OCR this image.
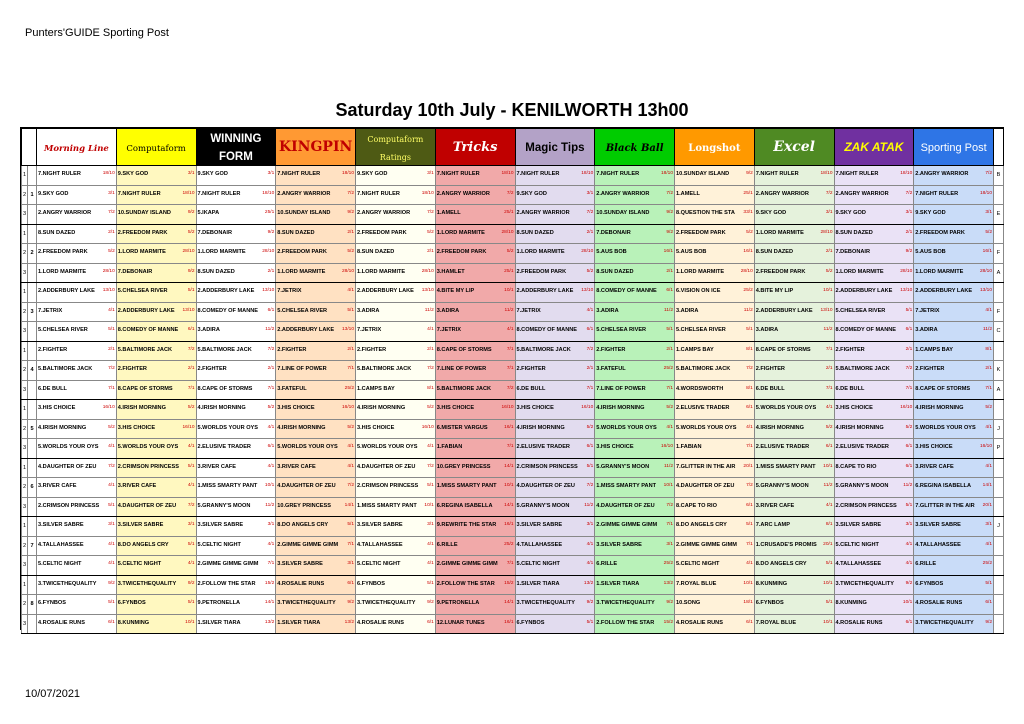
Punters'GUIDE Sporting Post
Saturday 10th July - KENILWORTH 13h00
		Morning Line	Computaform	WINNING FORM	KINGPIN	Computaform Ratings	Tricks	Magic Tips	Black Ball	Longshot	Excel	ZAK ATAK	Sporting Post	
1		7.NIGHT RULER 18/10	9.SKY GOD 3/1	9.SKY GOD 3/1	7.NIGHT RULER 18/10	9.SKY GOD 3/1	7.NIGHT RULER 18/10	7.NIGHT RULER 18/10	7.NIGHT RULER 18/10	10.SUNDAY ISLAND 9/2	7.NIGHT RULER 18/10	7.NIGHT RULER 18/10	2.ANGRY WARRIOR 7/2	B
2	1	9.SKY GOD 3/1	7.NIGHT RULER 18/10	7.NIGHT RULER 18/10	2.ANGRY WARRIOR 7/2	7.NIGHT RULER 18/10	2.ANGRY WARRIOR 7/2	9.SKY GOD 3/1	2.ANGRY WARRIOR 7/2	1.AMELL 25/1	2.ANGRY WARRIOR 7/2	2.ANGRY WARRIOR 7/2	7.NIGHT RULER 18/10	

3		2.ANGRY WARRIOR 7/2	10.SUNDAY ISLAND 9/2	5.IKAPA 25/1	10.SUNDAY ISLAND 9/2	2.ANGRY WARRIOR 7/2	1.AMELL 25/1	2.ANGRY WARRIOR 7/2	10.SUNDAY ISLAND 9/2	8.QUESTION THE STA 33/1	9.SKY GOD 3/1	9.SKY GOD 3/1	9.SKY GOD 3/1	E
1		8.SUN DAZED 2/1	2.FREEDOM PARK 5/2	7.DEBONAIR 9/2	8.SUN DAZED 2/1	2.FREEDOM PARK 5/2	1.LORD MARMITE 28/10	8.SUN DAZED 2/1	7.DEBONAIR 9/2	2.FREEDOM PARK 5/2	1.LORD MARMITE 28/10	8.SUN DAZED 2/1	2.FREEDOM PARK 5/2	

2	2	2.FREEDOM PARK 5/2	1.LORD MARMITE 28/10	1.LORD MARMITE 28/10	2.FREEDOM PARK 5/2	8.SUN DAZED 2/1	2.FREEDOM PARK 5/2	1.LORD MARMITE 28/10	5.AUS BOB 16/1	5.AUS BOB 16/1	8.SUN DAZED 2/1	7.DEBONAIR 9/2	5.AUS BOB 16/1	F
3		1.LORD MARMITE 28/10	7.DEBONAIR 9/2	8.SUN DAZED 2/1	1.LORD MARMITE 28/10	1.LORD MARMITE 28/10	3.HAMLET 25/1	2.FREEDOM PARK 5/2	8.SUN DAZED 2/1	1.LORD MARMITE 28/10	2.FREEDOM PARK 5/2	1.LORD MARMITE 28/10	1.LORD MARMITE 28/10	A
1		2.ADDERBURY LAKE 13/10	5.CHELSEA RIVER 5/1	2.ADDERBURY LAKE 13/10	7.JETRIX 4/1	2.ADDERBURY LAKE 13/10	4.BITE MY LIP 10/1	2.ADDERBURY LAKE 13/10	8.COMEDY OF MANNE 6/1	6.VISION ON ICE 25/2	4.BITE MY LIP 10/1	2.ADDERBURY LAKE 13/10	2.ADDERBURY LAKE 13/10	

2	3	7.JETRIX 4/1	2.ADDERBURY LAKE 13/10	8.COMEDY OF MANNE 6/1	5.CHELSEA RIVER 5/1	3.ADIRA 11/2	3.ADIRA 11/2	7.JETRIX 4/1	3.ADIRA 11/2	3.ADIRA 11/2	2.ADDERBURY LAKE 13/10	5.CHELSEA RIVER 5/1	7.JETRIX 4/1	F
3		5.CHELSEA RIVER 5/1	8.COMEDY OF MANNE 6/1	3.ADIRA 11/2	2.ADDERBURY LAKE 13/10	7.JETRIX 4/1	7.JETRIX 4/1	8.COMEDY OF MANNE 6/1	5.CHELSEA RIVER 5/1	5.CHELSEA RIVER 5/1	3.ADIRA 11/2	8.COMEDY OF MANNE 6/1	3.ADIRA 11/2	C
1		2.FIGHTER 2/1	5.BALTIMORE JACK 7/2	5.BALTIMORE JACK 7/2	2.FIGHTER 2/1	2.FIGHTER 2/1	8.CAPE OF STORMS 7/1	5.BALTIMORE JACK 7/2	2.FIGHTER 2/1	1.CAMPS BAY 8/1	8.CAPE OF STORMS 7/1	2.FIGHTER 2/1	1.CAMPS BAY 8/1	

2	4	5.BALTIMORE JACK 7/2	2.FIGHTER 2/1	2.FIGHTER 2/1	7.LINE OF POWER 7/1	5.BALTIMORE JACK 7/2	7.LINE OF POWER 7/1	2.FIGHTER 2/1	3.FATEFUL 25/2	5.BALTIMORE JACK 7/2	2.FIGHTER 2/1	5.BALTIMORE JACK 7/2	2.FIGHTER 2/1	K
3		6.DE BULL 7/1	8.CAPE OF STORMS 7/1	8.CAPE OF STORMS 7/1	3.FATEFUL 25/2	1.CAMPS BAY 8/1	5.BALTIMORE JACK 7/2	6.DE BULL 7/1	7.LINE OF POWER 7/1	4.WORDSWORTH 8/1	6.DE BULL 7/1	6.DE BULL 7/1	8.CAPE OF STORMS 7/1	A
1		3.HIS CHOICE 16/10	4.IRISH MORNING 5/2	4.IRISH MORNING 5/2	3.HIS CHOICE 16/10	4.IRISH MORNING 5/2	3.HIS CHOICE 16/10	3.HIS CHOICE 16/10	4.IRISH MORNING 5/2	2.ELUSIVE TRADER 6/1	5.WORLDS YOUR OYS 4/1	3.HIS CHOICE 16/10	4.IRISH MORNING 5/2	

2	5	4.IRISH MORNING 5/2	3.HIS CHOICE 16/10	5.WORLDS YOUR OYS 4/1	4.IRISH MORNING 5/2	3.HIS CHOICE 16/10	6.MISTER VARGUS 16/1	4.IRISH MORNING 5/2	5.WORLDS YOUR OYS 4/1	5.WORLDS YOUR OYS 4/1	4.IRISH MORNING 5/2	4.IRISH MORNING 5/2	5.WORLDS YOUR OYS 4/1	J
3		5.WORLDS YOUR OYS 4/1	5.WORLDS YOUR OYS 4/1	2.ELUSIVE TRADER 6/1	5.WORLDS YOUR OYS 4/1	5.WORLDS YOUR OYS 4/1	1.FABIAN 7/1	2.ELUSIVE TRADER 6/1	3.HIS CHOICE 16/10	1.FABIAN 7/1	2.ELUSIVE TRADER 6/1	2.ELUSIVE TRADER 6/1	3.HIS CHOICE 16/10	P
1		4.DAUGHTER OF ZEU 7/2	2.CRIMSON PRINCESS 5/1	3.RIVER CAFE 4/1	3.RIVER CAFE 4/1	4.DAUGHTER OF ZEU 7/2	10.GREY PRINCESS 14/1	2.CRIMSON PRINCESS 5/1	5.GRANNY'S MOON 11/2	7.GLITTER IN THE AIR 20/1	1.MISS SMARTY PANT 10/1	8.CAPE TO RIO 6/1	3.RIVER CAFE 4/1	

2	6	3.RIVER CAFE 4/1	3.RIVER CAFE 4/1	1.MISS SMARTY PANT 10/1	4.DAUGHTER OF ZEU 7/2	2.CRIMSON PRINCESS 5/1	1.MISS SMARTY PANT 10/1	4.DAUGHTER OF ZEU 7/2	1.MISS SMARTY PANT 10/1	4.DAUGHTER OF ZEU 7/2	5.GRANNY'S MOON 11/2	5.GRANNY'S MOON 11/2	6.REGINA ISABELLA 14/1	

3		2.CRIMSON PRINCESS 5/1	4.DAUGHTER OF ZEU 7/2	5.GRANNY'S MOON 11/2	10.GREY PRINCESS 14/1	1.MISS SMARTY PANT 10/1	6.REGINA ISABELLA 14/1	5.GRANNY'S MOON 11/2	4.DAUGHTER OF ZEU 7/2	8.CAPE TO RIO 6/1	3.RIVER CAFE 4/1	2.CRIMSON PRINCESS 5/1	7.GLITTER IN THE AIR 20/1	

1		3.SILVER SABRE 3/1	3.SILVER SABRE 3/1	3.SILVER SABRE 3/1	8.DO ANGELS CRY 5/1	3.SILVER SABRE 3/1	9.REWRITE THE STAR 16/1	3.SILVER SABRE 3/1	2.GIMME GIMME GIMM 7/1	8.DO ANGELS CRY 5/1	7.ARC LAMP 8/1	3.SILVER SABRE 3/1	3.SILVER SABRE 3/1	J
2	7	4.TALLAHASSEE 4/1	8.DO ANGELS CRY 5/1	5.CELTIC NIGHT 4/1	2.GIMME GIMME GIMM 7/1	4.TALLAHASSEE 4/1	6.RILLE 25/2	4.TALLAHASSEE 4/1	3.SILVER SABRE 3/1	2.GIMME GIMME GIMM 7/1	1.CRUSADE'S PROMIS 20/1	5.CELTIC NIGHT 4/1	4.TALLAHASSEE 4/1	

3		5.CELTIC NIGHT 4/1	5.CELTIC NIGHT 4/1	2.GIMME GIMME GIMM 7/1	3.SILVER SABRE 3/1	5.CELTIC NIGHT 4/1	2.GIMME GIMME GIMM 7/1	5.CELTIC NIGHT 4/1	6.RILLE 25/2	5.CELTIC NIGHT 4/1	8.DO ANGELS CRY 5/1	4.TALLAHASSEE 4/1	6.RILLE 25/2	

1		3.TWICETHEQUALITY 9/2	3.TWICETHEQUALITY 9/2	2.FOLLOW THE STAR 15/2	4.ROSALIE RUNS 6/1	6.FYNBOS 5/1	2.FOLLOW THE STAR 15/2	1.SILVER TIARA 13/2	1.SILVER TIARA 13/2	7.ROYAL BLUE 10/1	8.KUNMING 10/1	3.TWICETHEQUALITY 9/2	6.FYNBOS 5/1	

2	8	6.FYNBOS 5/1	6.FYNBOS 5/1	9.PETRONELLA 14/1	3.TWICETHEQUALITY 9/2	3.TWICETHEQUALITY 9/2	9.PETRONELLA 14/1	3.TWICETHEQUALITY 9/2	3.TWICETHEQUALITY 9/2	10.SONG 18/1	6.FYNBOS 5/1	8.KUNMING 10/1	4.ROSALIE RUNS 6/1	

3		4.ROSALIE RUNS 6/1	8.KUNMING 10/1	1.SILVER TIARA 13/2	1.SILVER TIARA 13/2	4.ROSALIE RUNS 6/1	12.LUNAR TUNES 16/1	6.FYNBOS 5/1	2.FOLLOW THE STAR 15/2	4.ROSALIE RUNS 6/1	7.ROYAL BLUE 10/1	4.ROSALIE RUNS 6/1	3.TWICETHEQUALITY 9/2	

10/07/2021
